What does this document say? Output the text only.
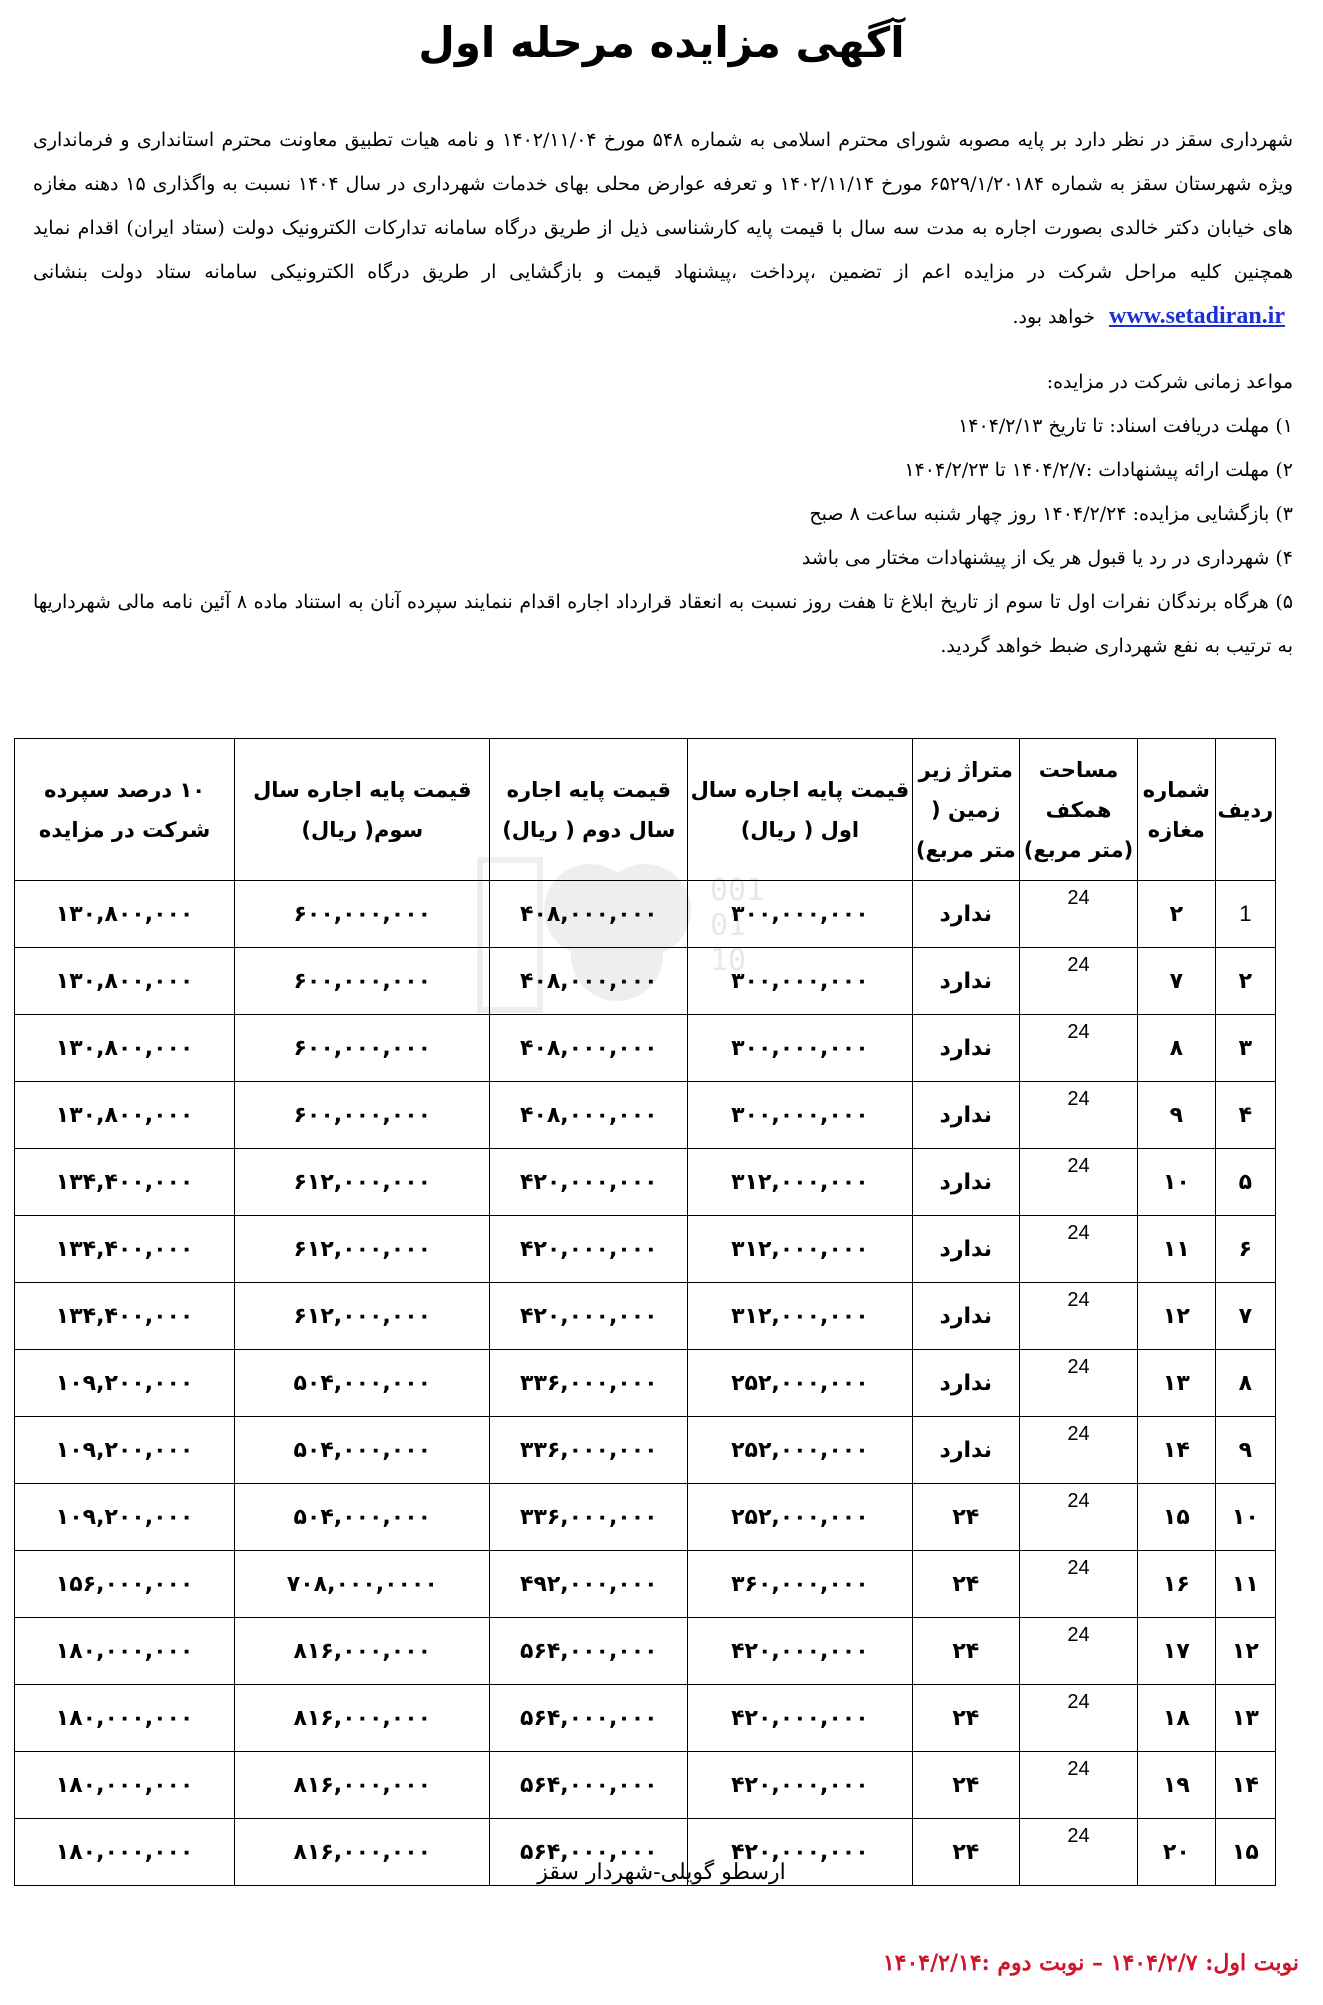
آگهی مزایده مرحله اول
شهرداری سقز در نظر دارد بر پایه مصوبه شورای محترم اسلامی به شماره ۵۴۸ مورخ ۱۴۰۲/۱۱/۰۴ و نامه هیات تطبیق معاونت محترم استانداری و فرمانداری ویژه شهرستان سقز به شماره ۶۵۲۹/۱/۲۰۱۸۴ مورخ ۱۴۰۲/۱۱/۱۴ و تعرفه عوارض محلی بهای خدمات شهرداری در سال ۱۴۰۴ نسبت به واگذاری ۱۵ دهنه مغازه های خیابان دکتر خالدی بصورت اجاره به مدت سه سال با قیمت پایه کارشناسی ذیل از طریق درگاه سامانه تدارکات الکترونیک دولت (ستاد ایران) اقدام نماید همچنین کلیه مراحل شرکت در مزایده اعم از تضمین ،پرداخت ،پیشنهاد قیمت و بازگشایی ار طریق درگاه الکترونیکی سامانه ستاد دولت بنشانی www.setadiran.ir خواهد بود.
مواعد زمانی شرکت در مزایده:
۱) مهلت دریافت اسناد: تا تاریخ ۱۴۰۴/۲/۱۳
۲) مهلت ارائه پیشنهادات :۱۴۰۴/۲/۷ تا ۱۴۰۴/۲/۲۳
۳) بازگشایی مزایده: ۱۴۰۴/۲/۲۴ روز چهار شنبه ساعت ۸ صبح
۴) شهرداری در رد یا قبول هر یک از پیشنهادات مختار می باشد
۵) هرگاه برندگان نفرات اول تا سوم از تاریخ ابلاغ تا هفت روز نسبت به انعقاد قرارداد اجاره اقدام ننمایند سپرده آنان به استناد ماده ۸ آئین نامه مالی شهرداریها به ترتیب به نفع شهرداری ضبط خواهد گردید.
001
01
10
ردیف	شماره مغازه	مساحت همکف (متر مربع)	متراژ زیر زمین ( متر مربع)	قیمت پایه اجاره سال اول ( ریال)	قیمت پایه اجاره سال دوم ( ریال)	قیمت پایه اجاره سال سوم( ریال)	۱۰ درصد سپرده شرکت در مزایده
1	۲	24	ندارد	۳۰۰,۰۰۰,۰۰۰	۴۰۸,۰۰۰,۰۰۰	۶۰۰,۰۰۰,۰۰۰	۱۳۰,۸۰۰,۰۰۰
۲	۷	24	ندارد	۳۰۰,۰۰۰,۰۰۰	۴۰۸,۰۰۰,۰۰۰	۶۰۰,۰۰۰,۰۰۰	۱۳۰,۸۰۰,۰۰۰
۳	۸	24	ندارد	۳۰۰,۰۰۰,۰۰۰	۴۰۸,۰۰۰,۰۰۰	۶۰۰,۰۰۰,۰۰۰	۱۳۰,۸۰۰,۰۰۰
۴	۹	24	ندارد	۳۰۰,۰۰۰,۰۰۰	۴۰۸,۰۰۰,۰۰۰	۶۰۰,۰۰۰,۰۰۰	۱۳۰,۸۰۰,۰۰۰
۵	۱۰	24	ندارد	۳۱۲,۰۰۰,۰۰۰	۴۲۰,۰۰۰,۰۰۰	۶۱۲,۰۰۰,۰۰۰	۱۳۴,۴۰۰,۰۰۰
۶	۱۱	24	ندارد	۳۱۲,۰۰۰,۰۰۰	۴۲۰,۰۰۰,۰۰۰	۶۱۲,۰۰۰,۰۰۰	۱۳۴,۴۰۰,۰۰۰
۷	۱۲	24	ندارد	۳۱۲,۰۰۰,۰۰۰	۴۲۰,۰۰۰,۰۰۰	۶۱۲,۰۰۰,۰۰۰	۱۳۴,۴۰۰,۰۰۰
۸	۱۳	24	ندارد	۲۵۲,۰۰۰,۰۰۰	۳۳۶,۰۰۰,۰۰۰	۵۰۴,۰۰۰,۰۰۰	۱۰۹,۲۰۰,۰۰۰
۹	۱۴	24	ندارد	۲۵۲,۰۰۰,۰۰۰	۳۳۶,۰۰۰,۰۰۰	۵۰۴,۰۰۰,۰۰۰	۱۰۹,۲۰۰,۰۰۰
۱۰	۱۵	24	۲۴	۲۵۲,۰۰۰,۰۰۰	۳۳۶,۰۰۰,۰۰۰	۵۰۴,۰۰۰,۰۰۰	۱۰۹,۲۰۰,۰۰۰
۱۱	۱۶	24	۲۴	۳۶۰,۰۰۰,۰۰۰	۴۹۲,۰۰۰,۰۰۰	۷۰۸,۰۰۰,۰۰۰۰	۱۵۶,۰۰۰,۰۰۰
۱۲	۱۷	24	۲۴	۴۲۰,۰۰۰,۰۰۰	۵۶۴,۰۰۰,۰۰۰	۸۱۶,۰۰۰,۰۰۰	۱۸۰,۰۰۰,۰۰۰
۱۳	۱۸	24	۲۴	۴۲۰,۰۰۰,۰۰۰	۵۶۴,۰۰۰,۰۰۰	۸۱۶,۰۰۰,۰۰۰	۱۸۰,۰۰۰,۰۰۰
۱۴	۱۹	24	۲۴	۴۲۰,۰۰۰,۰۰۰	۵۶۴,۰۰۰,۰۰۰	۸۱۶,۰۰۰,۰۰۰	۱۸۰,۰۰۰,۰۰۰
۱۵	۲۰	24	۲۴	۴۲۰,۰۰۰,۰۰۰	۵۶۴,۰۰۰,۰۰۰	۸۱۶,۰۰۰,۰۰۰	۱۸۰,۰۰۰,۰۰۰
ارسطو گویلی-شهردار سقز
نوبت اول: ۱۴۰۴/۲/۷ – نوبت دوم :۱۴۰۴/۲/۱۴
